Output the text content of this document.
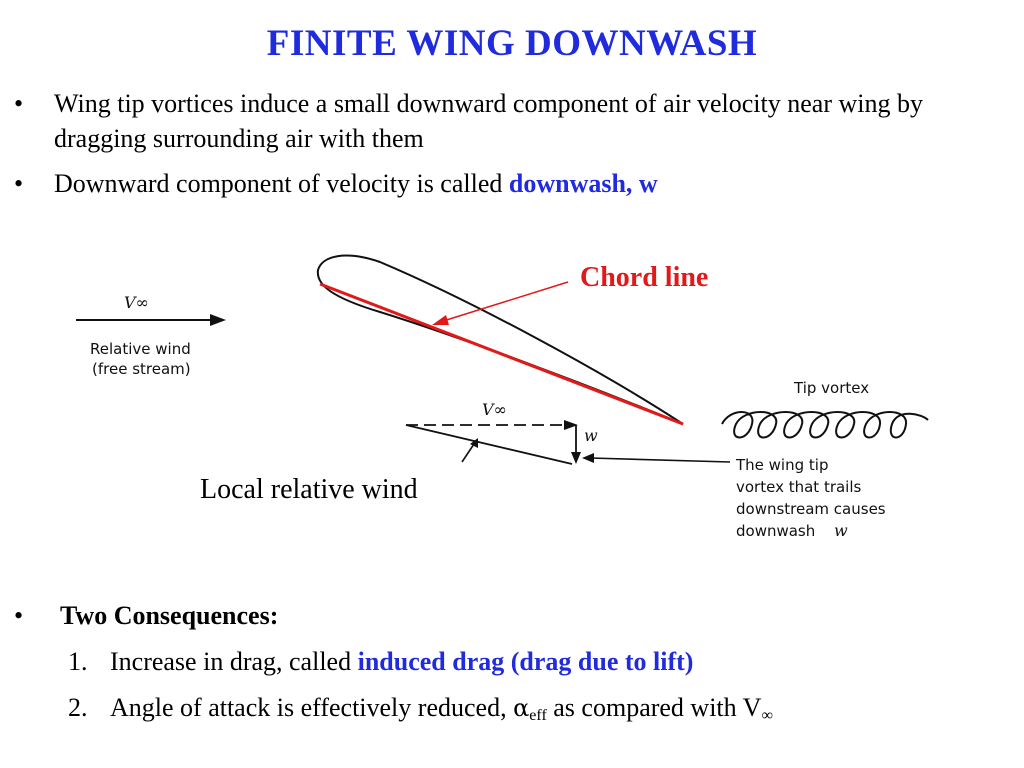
FINITE WING DOWNWASH
• Wing tip vortices induce a small downward component of air velocity near wing by dragging surrounding air with them
• Downward component of velocity is called downwash, w
V∞
Relative wind
(free stream)
V∞
w
Tip vortex
The wing tip
vortex that trails
downstream causes
downwash w
Chord line
Local relative wind
• Two Consequences:
1. Increase in drag, called induced drag (drag due to lift)
2. Angle of attack is effectively reduced, $\alpha_{eff}$ as compared with $V_\infty$
